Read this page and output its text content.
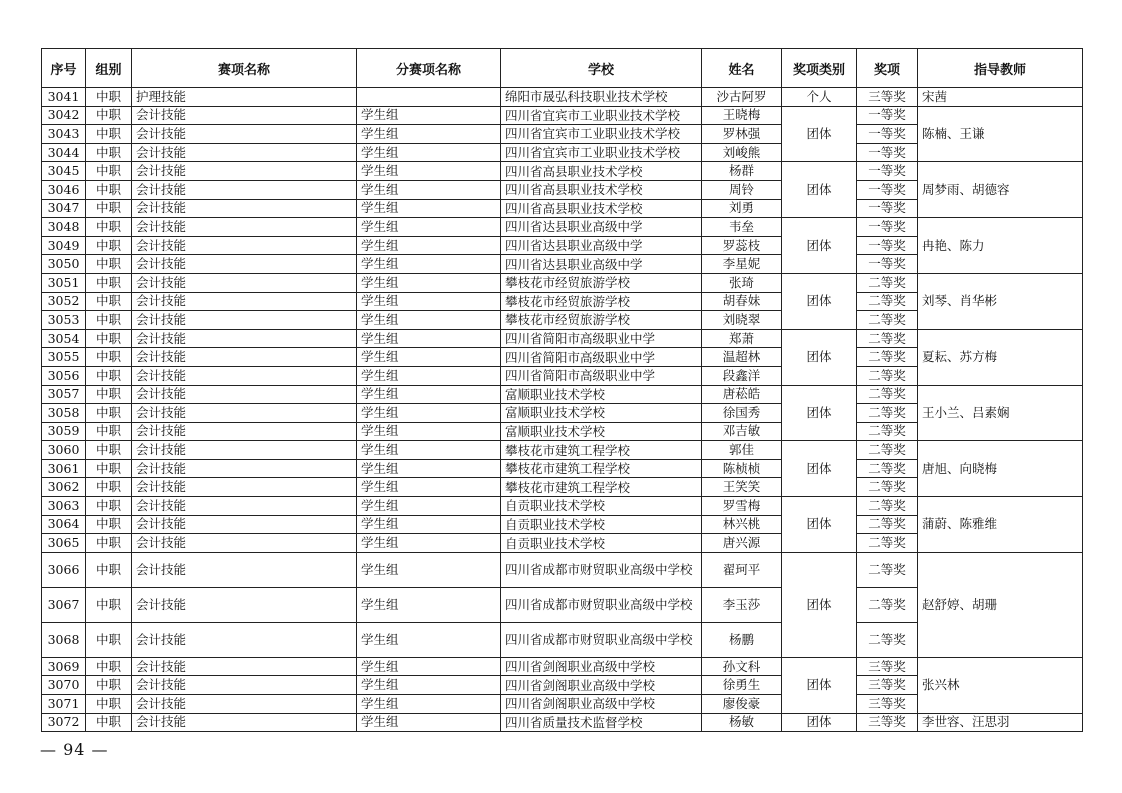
序号	组别	赛项名称	分赛项名称	学校	姓名	奖项类别	奖项	指导教师
3041	中职	护理技能		绵阳市晟弘科技职业技术学校	沙古阿罗	个人	三等奖	宋茜
3042	中职	会计技能	学生组	四川省宜宾市工业职业技术学校	王晓梅	团体	一等奖	陈楠、王谦
3043	中职	会计技能	学生组	四川省宜宾市工业职业技术学校	罗林强		一等奖	
3044	中职	会计技能	学生组	四川省宜宾市工业职业技术学校	刘峻熊		一等奖	
3045	中职	会计技能	学生组	四川省高县职业技术学校	杨群	团体	一等奖	周梦雨、胡德容
3046	中职	会计技能	学生组	四川省高县职业技术学校	周铃		一等奖	
3047	中职	会计技能	学生组	四川省高县职业技术学校	刘勇		一等奖	
3048	中职	会计技能	学生组	四川省达县职业高级中学	韦垒	团体	一等奖	冉艳、陈力
3049	中职	会计技能	学生组	四川省达县职业高级中学	罗蕊枝		一等奖	
3050	中职	会计技能	学生组	四川省达县职业高级中学	李星妮		一等奖	
3051	中职	会计技能	学生组	攀枝花市经贸旅游学校	张琦	团体	二等奖	刘琴、肖华彬
3052	中职	会计技能	学生组	攀枝花市经贸旅游学校	胡春妹		二等奖	
3053	中职	会计技能	学生组	攀枝花市经贸旅游学校	刘晓翠		二等奖	
3054	中职	会计技能	学生组	四川省简阳市高级职业中学	郑萧	团体	二等奖	夏耘、苏方梅
3055	中职	会计技能	学生组	四川省简阳市高级职业中学	温超林		二等奖	
3056	中职	会计技能	学生组	四川省简阳市高级职业中学	段鑫洋		二等奖	
3057	中职	会计技能	学生组	富顺职业技术学校	唐菘皓	团体	二等奖	王小兰、吕素娴
3058	中职	会计技能	学生组	富顺职业技术学校	徐国秀		二等奖	
3059	中职	会计技能	学生组	富顺职业技术学校	邓吉敏		二等奖	
3060	中职	会计技能	学生组	攀枝花市建筑工程学校	郭佳	团体	二等奖	唐旭、向晓梅
3061	中职	会计技能	学生组	攀枝花市建筑工程学校	陈桢桢		二等奖	
3062	中职	会计技能	学生组	攀枝花市建筑工程学校	王笑笑		二等奖	
3063	中职	会计技能	学生组	自贡职业技术学校	罗雪梅	团体	二等奖	蒲蔚、陈雅维
3064	中职	会计技能	学生组	自贡职业技术学校	林兴桃		二等奖	
3065	中职	会计技能	学生组	自贡职业技术学校	唐兴源		二等奖	
3066	中职	会计技能	学生组	四川省成都市财贸职业高级中学校	翟珂平	团体	二等奖	赵舒婷、胡珊
3067	中职	会计技能	学生组	四川省成都市财贸职业高级中学校	李玉莎		二等奖	
3068	中职	会计技能	学生组	四川省成都市财贸职业高级中学校	杨鹏		二等奖	
3069	中职	会计技能	学生组	四川省剑阁职业高级中学校	孙文科	团体	三等奖	张兴林
3070	中职	会计技能	学生组	四川省剑阁职业高级中学校	徐勇生		三等奖	
3071	中职	会计技能	学生组	四川省剑阁职业高级中学校	廖俊豪		三等奖	
3072	中职	会计技能	学生组	四川省质量技术监督学校	杨敏	团体	三等奖	李世容、汪思羽
— 94 —
